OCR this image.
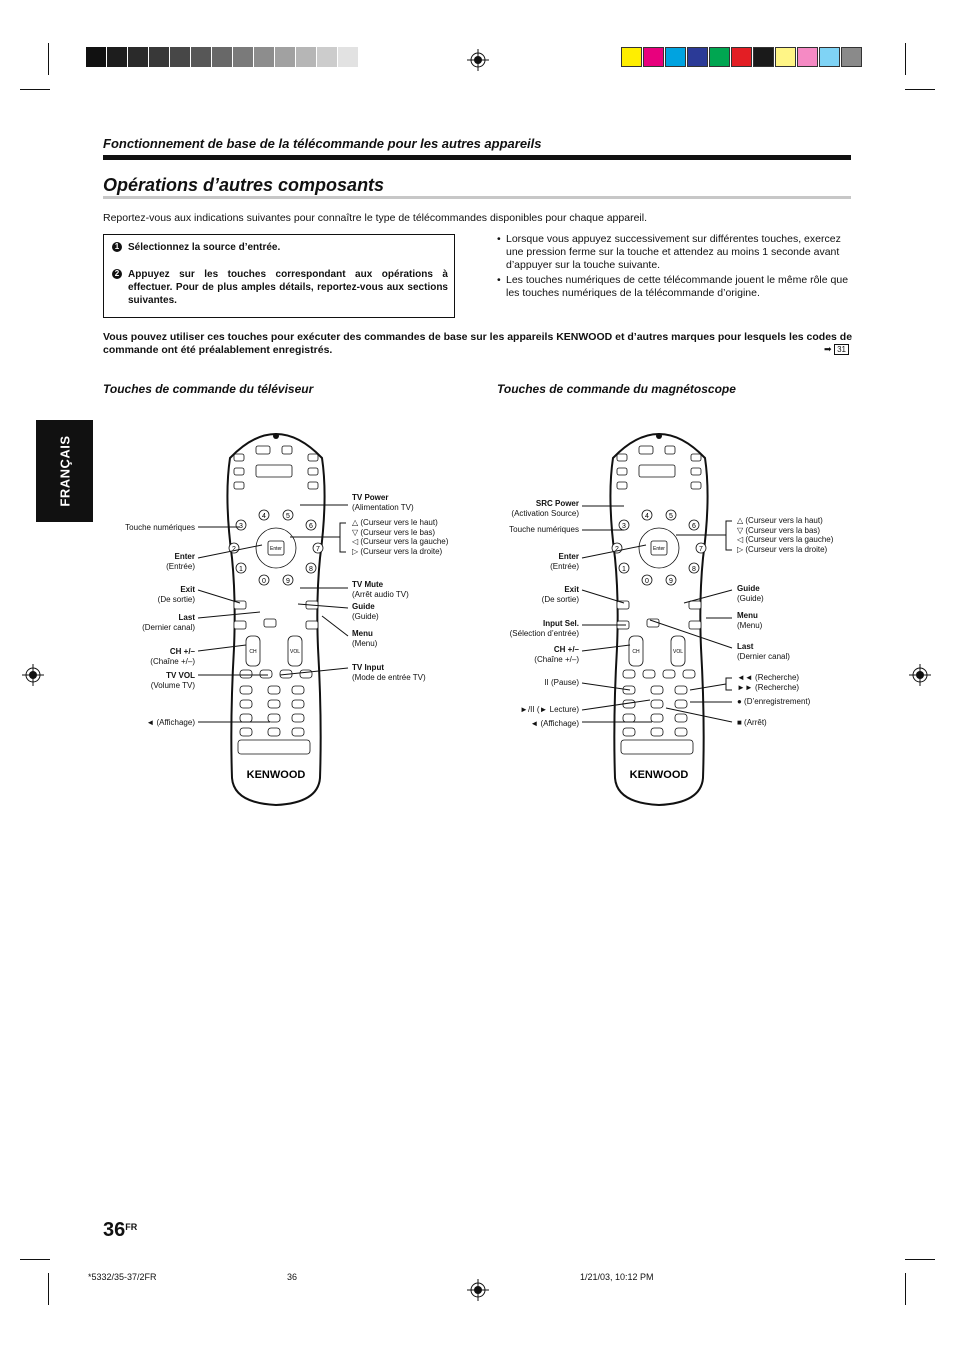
Fonctionnement de base de la télécommande pour les autres appareils
Opérations d’autres composants
Reportez-vous aux indications suivantes pour connaître le type de télécommandes disponibles pour chaque appareil.
1 Sélectionnez la source d’entrée.
2 Appuyez sur les touches correspondant aux opérations à effectuer. Pour de plus amples détails, reportez-vous aux sections suivantes.
• Lorsque vous appuyez successivement sur différentes touches, exercez une pression ferme sur la touche et attendez au moins 1 seconde avant d’appuyer sur la touche suivante.
• Les touches numériques de cette télécommande jouent le même rôle que les touches numériques de la télécommande d’origine.
Vous pouvez utiliser ces touches pour exécuter des commandes de base sur les appareils KENWOOD et d’autres marques pour lesquels les codes de commande ont été préalablement enregistrés.	➡ 31
FRANÇAIS
Touches de commande du téléviseur	Touches de commande du magnétoscope
Enter
CH	VOL
4	5
3	6
2	7
1	8
0	9
KENWOOD
Enter
CH	VOL
4	5
3	6
2	7
1	8
0	9
KENWOOD
Touche numériques
Enter
(Entrée)
Exit
(De sortie)
Last
(Dernier canal)
CH +/–
(Chaîne +/–)
TV VOL
(Volume TV)
◄ (Affichage)
TV Power
(Alimentation TV)
△ (Curseur vers le haut)
▽ (Curseur vers le bas)
◁ (Curseur vers la gauche)
▷ (Curseur vers la droite)
TV Mute
(Arrêt audio TV)
Guide
(Guide)
Menu
(Menu)
TV Input
(Mode de entrée TV)
SRC Power
(Activation Source)
Touche numériques
Enter
(Entrée)
Exit
(De sortie)
Input Sel.
(Sélection d’entrée)
CH +/–
(Chaîne +/–)
II (Pause)
►/II (► Lecture)
◄ (Affichage)
△ (Curseur vers la haut)
▽ (Curseur vers la bas)
◁ (Curseur vers la gauche)
▷ (Curseur vers la droite)
Guide
(Guide)
Menu
(Menu)
Last
(Dernier canal)
◄◄ (Recherche)
►► (Recherche)
● (D’enregistrement)
■ (Arrêt)
$36^{FR}$
*5332/35-37/2FR	36	1/21/03, 10:12 PM
